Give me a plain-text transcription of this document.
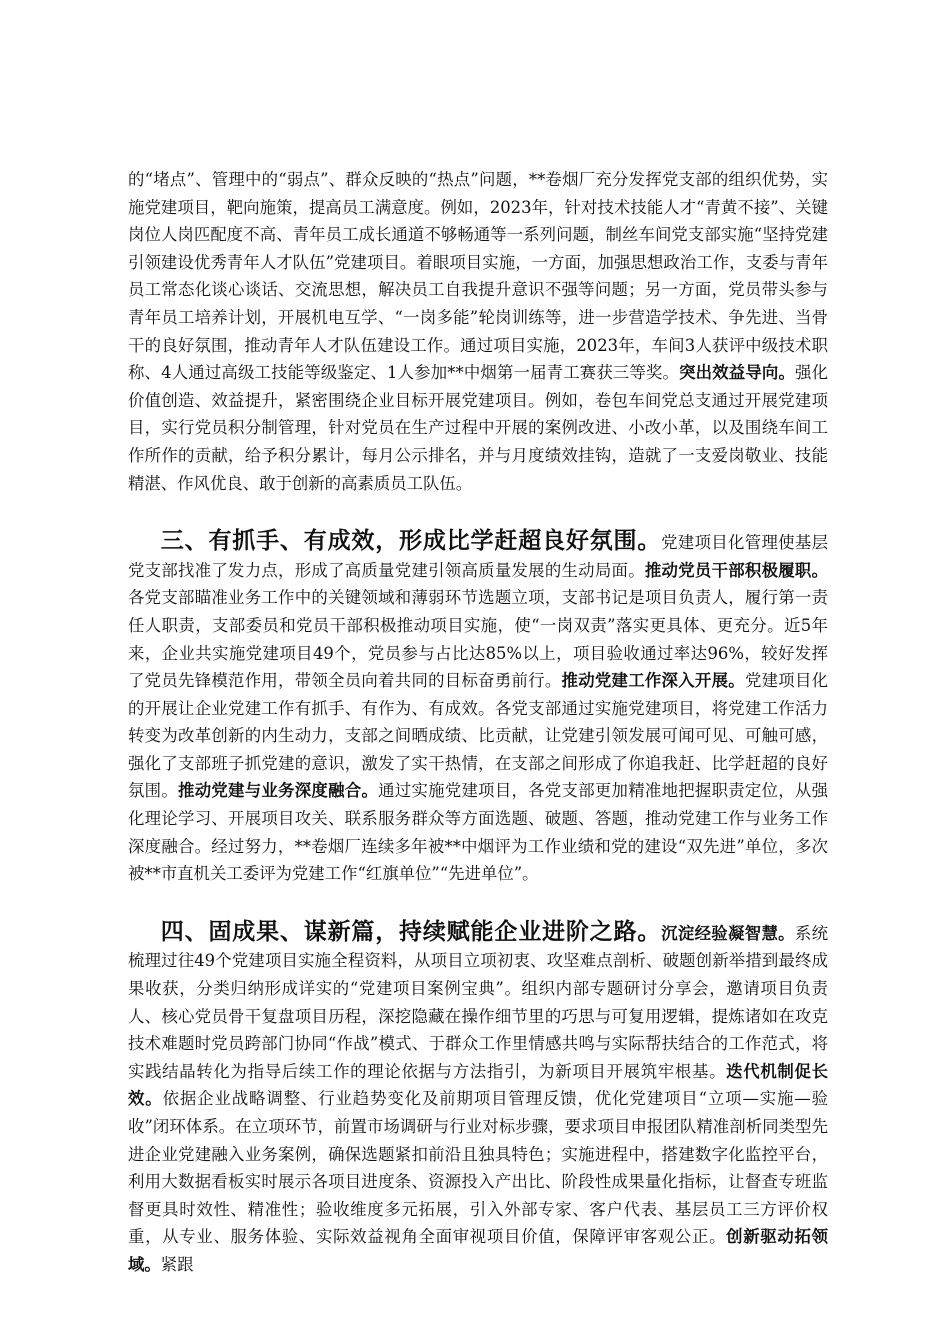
的“堵点”、管理中的“弱点”、群众反映的“热点”问题，**卷烟厂充分发挥党支部的组织优势，实施党建项目，靶向施策，提高员工满意度。例如，2023年，针对技术技能人才“青黄不接”、关键岗位人岗匹配度不高、青年员工成长通道不够畅通等一系列问题，制丝车间党支部实施“坚持党建引领建设优秀青年人才队伍”党建项目。着眼项目实施，一方面，加强思想政治工作，支委与青年员工常态化谈心谈话、交流思想，解决员工自我提升意识不强等问题；另一方面，党员带头参与青年员工培养计划，开展机电互学、“一岗多能”轮岗训练等，进一步营造学技术、争先进、当骨干的良好氛围，推动青年人才队伍建设工作。通过项目实施，2023年，车间3人获评中级技术职称、4人通过高级工技能等级鉴定、1人参加**中烟第一届青工赛获三等奖。突出效益导向。强化价值创造、效益提升，紧密围绕企业目标开展党建项目。例如，卷包车间党总支通过开展党建项目，实行党员积分制管理，针对党员在生产过程中开展的案例改进、小改小革，以及围绕车间工作所作的贡献，给予积分累计，每月公示排名，并与月度绩效挂钩，造就了一支爱岗敬业、技能精湛、作风优良、敢于创新的高素质员工队伍。

三、有抓手、有成效，形成比学赶超良好氛围。党建项目化管理使基层党支部找准了发力点，形成了高质量党建引领高质量发展的生动局面。推动党员干部积极履职。各党支部瞄准业务工作中的关键领域和薄弱环节选题立项，支部书记是项目负责人，履行第一责任人职责，支部委员和党员干部积极推动项目实施，使“一岗双责”落实更具体、更充分。近5年来，企业共实施党建项目49个，党员参与占比达85%以上，项目验收通过率达96%，较好发挥了党员先锋模范作用，带领全员向着共同的目标奋勇前行。推动党建工作深入开展。党建项目化的开展让企业党建工作有抓手、有作为、有成效。各党支部通过实施党建项目，将党建工作活力转变为改革创新的内生动力，支部之间晒成绩、比贡献，让党建引领发展可闻可见、可触可感，强化了支部班子抓党建的意识，激发了实干热情，在支部之间形成了你追我赶、比学赶超的良好氛围。推动党建与业务深度融合。通过实施党建项目，各党支部更加精准地把握职责定位，从强化理论学习、开展项目攻关、联系服务群众等方面选题、破题、答题，推动党建工作与业务工作深度融合。经过努力，**卷烟厂连续多年被**中烟评为工作业绩和党的建设“双先进”单位，多次被**市直机关工委评为党建工作“红旗单位”“先进单位”。

四、固成果、谋新篇，持续赋能企业进阶之路。沉淀经验凝智慧。系统梳理过往49个党建项目实施全程资料，从项目立项初衷、攻坚难点剖析、破题创新举措到最终成果收获，分类归纳形成详实的“党建项目案例宝典”。组织内部专题研讨分享会，邀请项目负责人、核心党员骨干复盘项目历程，深挖隐藏在操作细节里的巧思与可复用逻辑，提炼诸如在攻克技术难题时党员跨部门协同“作战”模式、于群众工作里情感共鸣与实际帮扶结合的工作范式，将实践结晶转化为指导后续工作的理论依据与方法指引，为新项目开展筑牢根基。迭代机制促长效。依据企业战略调整、行业趋势变化及前期项目管理反馈，优化党建项目“立项—实施—验收”闭环体系。在立项环节，前置市场调研与行业对标步骤，要求项目申报团队精准剖析同类型先进企业党建融入业务案例，确保选题紧扣前沿且独具特色；实施进程中，搭建数字化监控平台，利用大数据看板实时展示各项目进度条、资源投入产出比、阶段性成果量化指标，让督查专班监督更具时效性、精准性；验收维度多元拓展，引入外部专家、客户代表、基层员工三方评价权重，从专业、服务体验、实际效益视角全面审视项目价值，保障评审客观公正。创新驱动拓领域。紧跟
